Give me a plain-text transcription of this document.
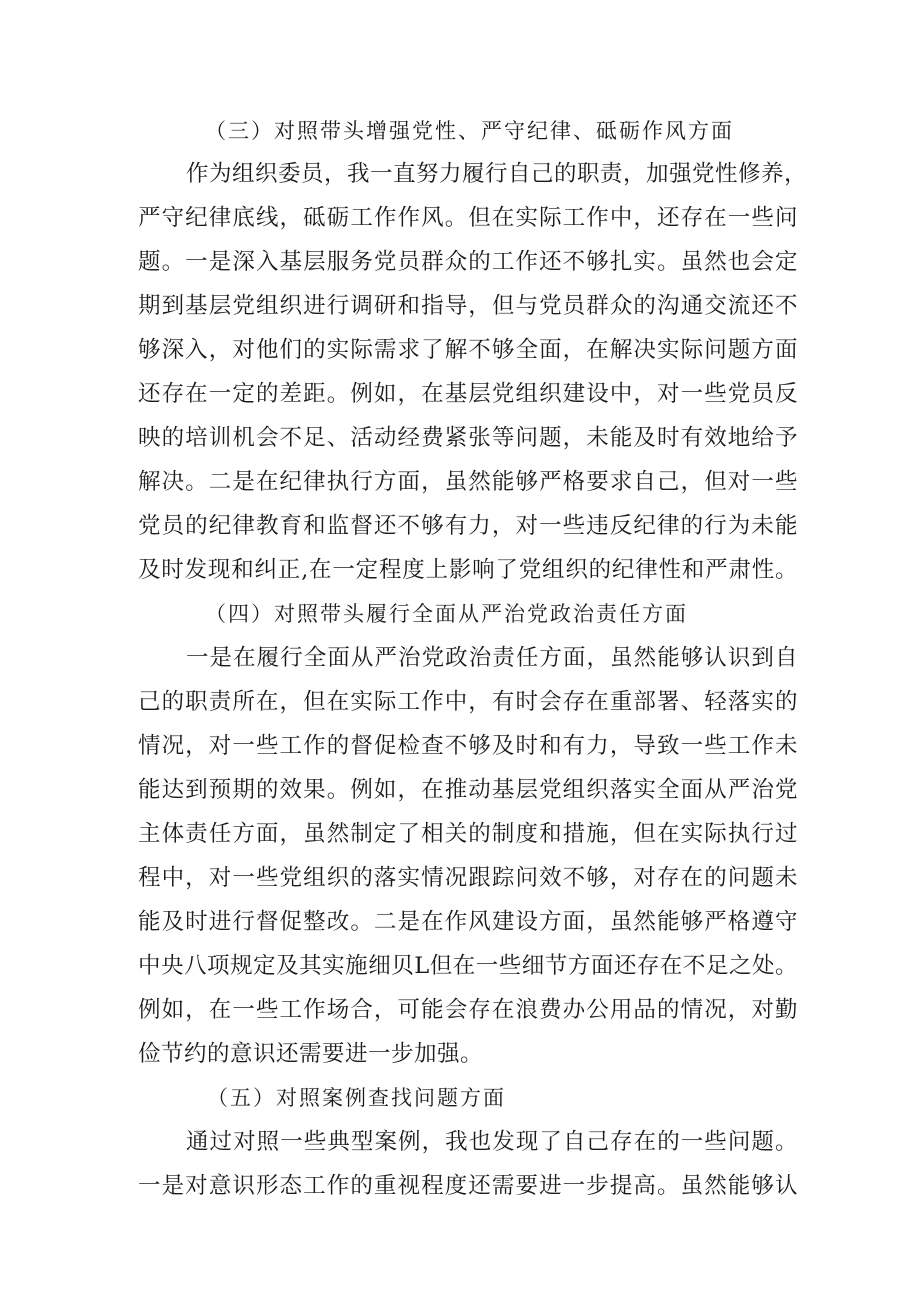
（三）对照带头增强党性、严守纪律、砥砺作风方面
作为组织委员，我一直努力履行自己的职责，加强党性修养，
严守纪律底线，砥砺工作作风。但在实际工作中，还存在一些问
题。一是深入基层服务党员群众的工作还不够扎实。虽然也会定
期到基层党组织进行调研和指导，但与党员群众的沟通交流还不
够深入，对他们的实际需求了解不够全面，在解决实际问题方面
还存在一定的差距。例如，在基层党组织建设中，对一些党员反
映的培训机会不足、活动经费紧张等问题，未能及时有效地给予
解决。二是在纪律执行方面，虽然能够严格要求自己，但对一些
党员的纪律教育和监督还不够有力，对一些违反纪律的行为未能
及时发现和纠正,在一定程度上影响了党组织的纪律性和严肃性。
（四）对照带头履行全面从严治党政治责任方面
一是在履行全面从严治党政治责任方面，虽然能够认识到自
己的职责所在，但在实际工作中，有时会存在重部署、轻落实的
情况，对一些工作的督促检查不够及时和有力，导致一些工作未
能达到预期的效果。例如，在推动基层党组织落实全面从严治党
主体责任方面，虽然制定了相关的制度和措施，但在实际执行过
程中，对一些党组织的落实情况跟踪问效不够，对存在的问题未
能及时进行督促整改。二是在作风建设方面，虽然能够严格遵守
中央八项规定及其实施细贝L但在一些细节方面还存在不足之处。
例如，在一些工作场合，可能会存在浪费办公用品的情况，对勤
俭节约的意识还需要进一步加强。
（五）对照案例查找问题方面
通过对照一些典型案例，我也发现了自己存在的一些问题。
一是对意识形态工作的重视程度还需要进一步提高。虽然能够认
